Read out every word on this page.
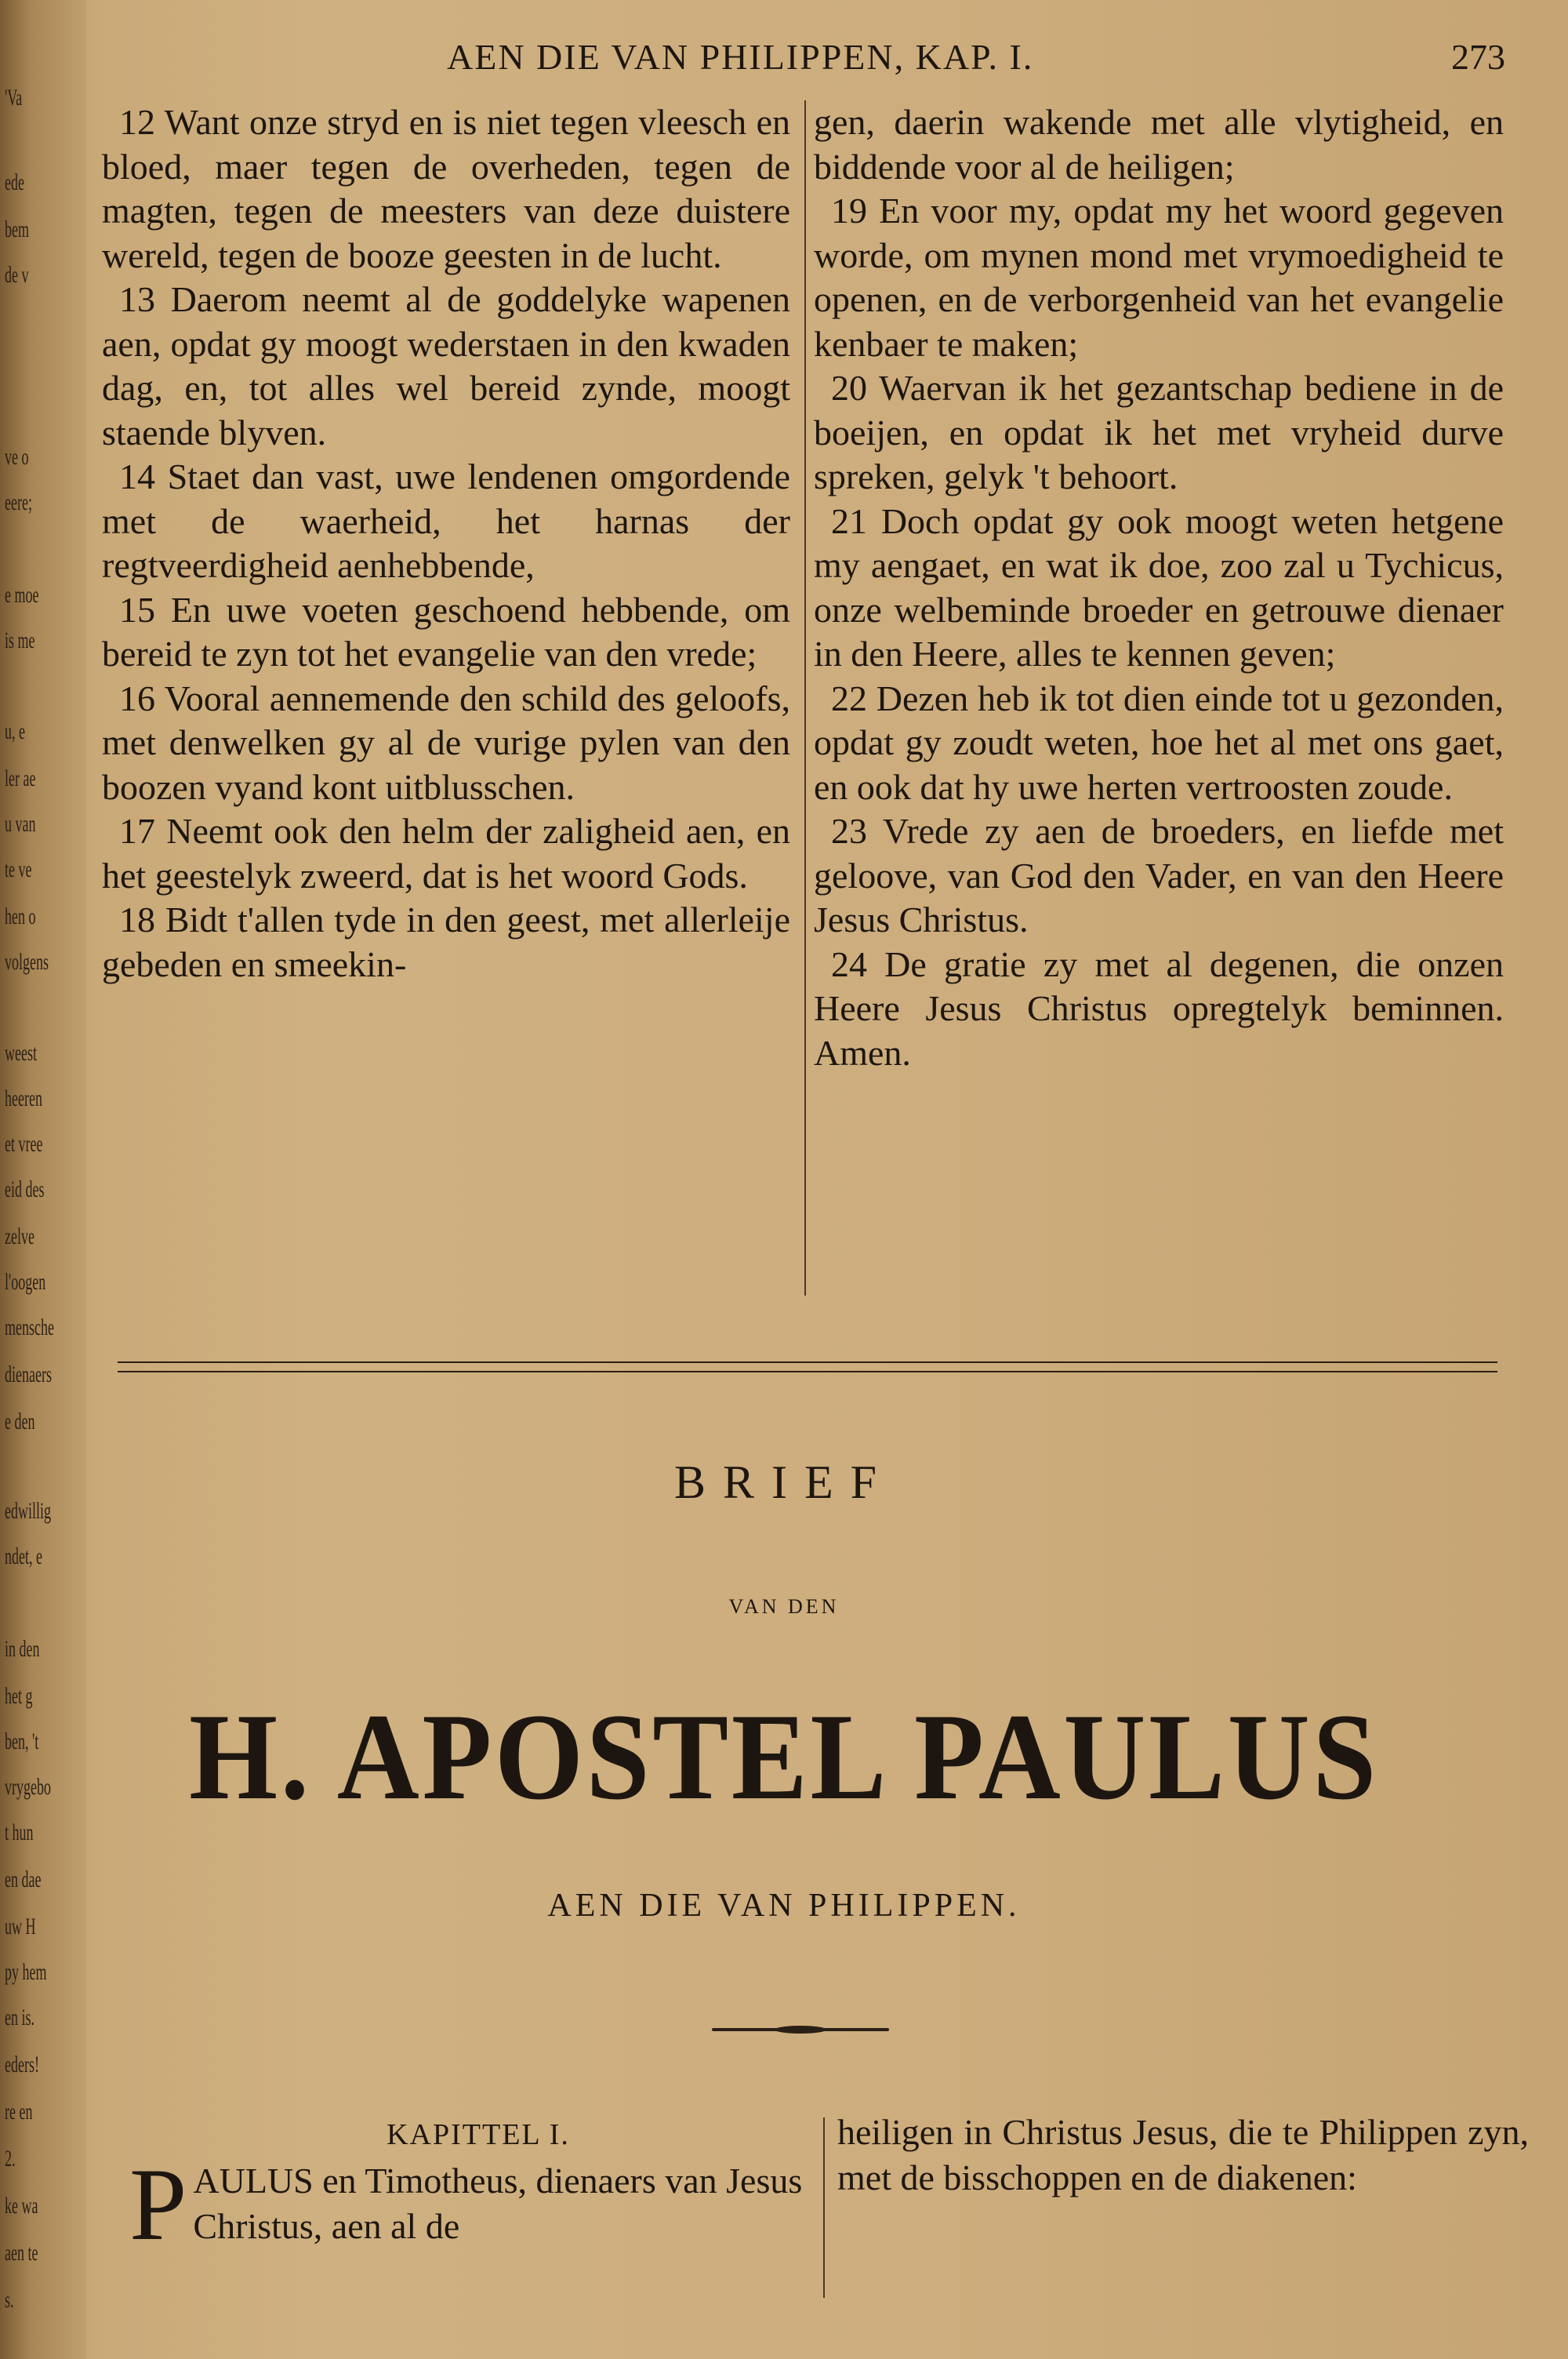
'Va
ede
bem
de v
ve o
eere;
e moe
is me
u, e
ler ae
u van
te ve
hen o
volgens
weest
heeren
et vree
eid des
zelve
l'oogen
mensche
dienaers
e den
edwillig
ndet, e
in den
het g
ben, 't
vrygebo
t hun
en dae
uw H
py hem
en is.
eders!
re en
2.
ke wa
aen te
s.
AEN DIE VAN PHILIPPEN, KAP. I.	273

12 Want onze stryd en is niet tegen vleesch en bloed, maer tegen de overheden, tegen de magten, tegen de meesters van deze duistere wereld, tegen de booze geesten in de lucht.

13 Daerom neemt al de goddelyke wapenen aen, opdat gy moogt wederstaen in den kwaden dag, en, tot alles wel bereid zynde, moogt staende blyven.

14 Staet dan vast, uwe lendenen omgordende met de waerheid, het harnas der regtveerdigheid aenhebbende,

15 En uwe voeten geschoend hebbende, om bereid te zyn tot het evangelie van den vrede;

16 Vooral aennemende den schild des geloofs, met denwelken gy al de vurige pylen van den boozen vyand kont uitblusschen.

17 Neemt ook den helm der zaligheid aen, en het geestelyk zweerd, dat is het woord Gods.

18 Bidt t'allen tyde in den geest, met allerleije gebeden en smeekin-

gen, daerin wakende met alle vlytigheid, en biddende voor al de heiligen;

19 En voor my, opdat my het woord gegeven worde, om mynen mond met vrymoedigheid te openen, en de verborgenheid van het evangelie kenbaer te maken;

20 Waervan ik het gezantschap bediene in de boeijen, en opdat ik het met vryheid durve spreken, gelyk 't behoort.

21 Doch opdat gy ook moogt weten hetgene my aengaet, en wat ik doe, zoo zal u Tychicus, onze welbeminde broeder en getrouwe dienaer in den Heere, alles te kennen geven;

22 Dezen heb ik tot dien einde tot u gezonden, opdat gy zoudt weten, hoe het al met ons gaet, en ook dat hy uwe herten vertroosten zoude.

23 Vrede zy aen de broeders, en liefde met geloove, van God den Vader, en van den Heere Jesus Christus.

24 De gratie zy met al degenen, die onzen Heere Jesus Christus opregtelyk beminnen. Amen.

BRIEF
VAN DEN
H. APOSTEL PAULUS
AEN DIE VAN PHILIPPEN.
KAPITTEL I.
P AULUS en Timotheus, dienaers van Jesus Christus, aen al de
heiligen in Christus Jesus, die te Philippen zyn, met de bisschoppen en de diakenen:
